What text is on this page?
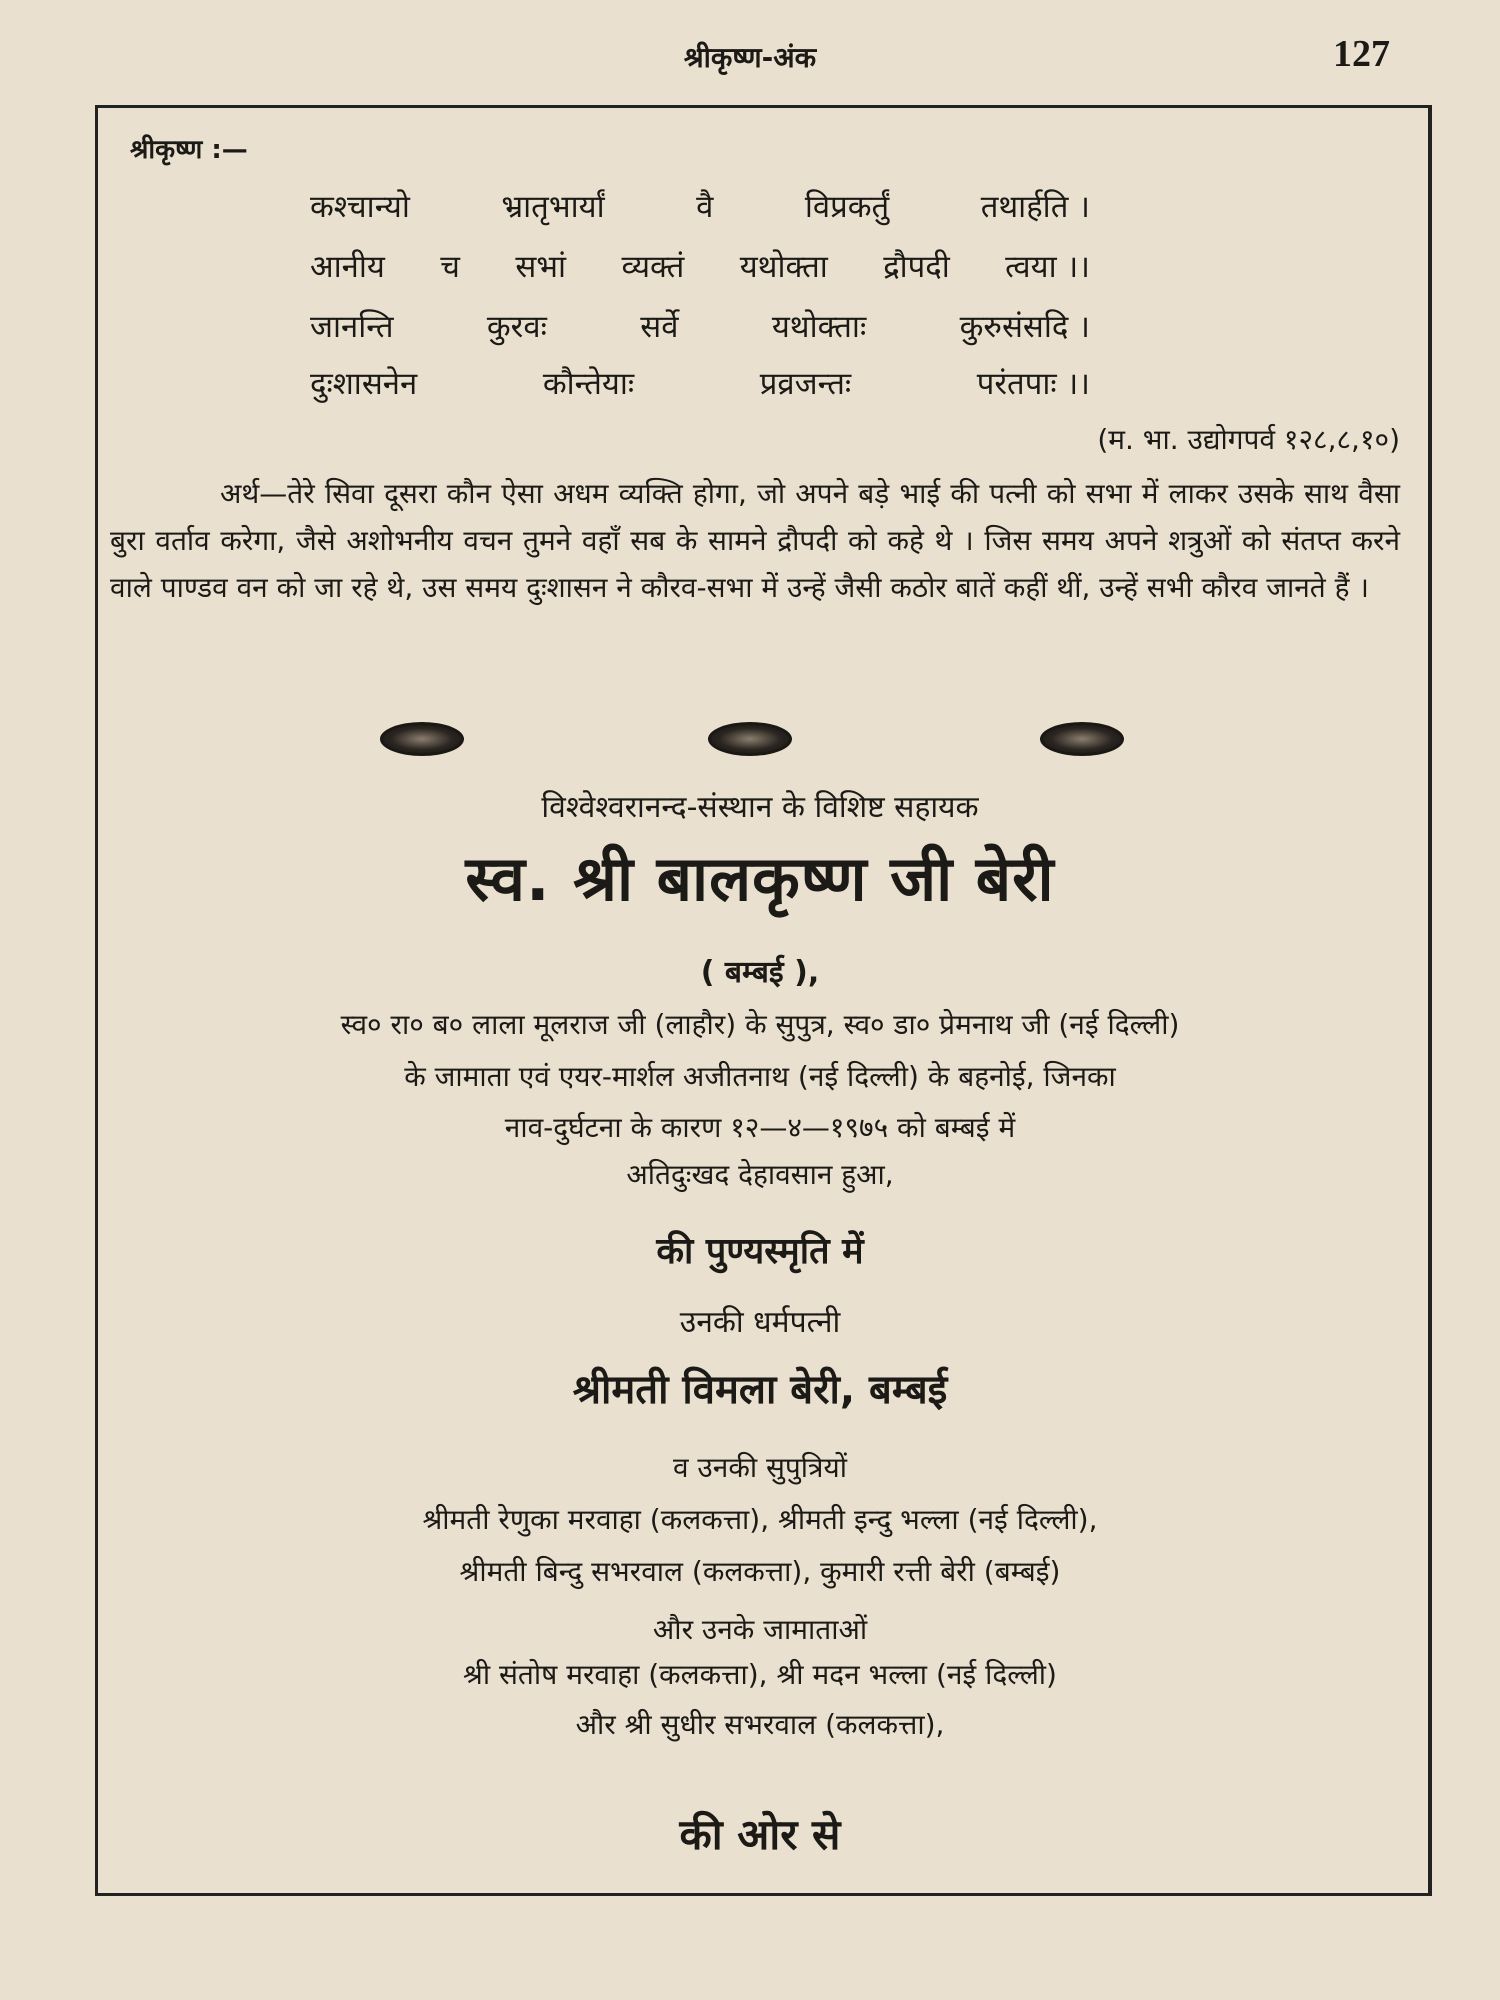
श्रीकृष्ण-अंक	127
श्रीकृष्ण :—
कश्चान्यो	भ्रातृभार्यां	वै	विप्रकर्तुं	तथार्हति ।
आनीय च सभां व्यक्तं यथोक्ता द्रौपदी त्वया ।।
जानन्ति	कुरवः	सर्वे	यथोक्ताः	कुरुसंसदि ।
दुःशासनेन	कौन्तेयाः	प्रव्रजन्तः	परंतपाः ।।
(म. भा. उद्योगपर्व १२८,८,१०)

अर्थ—तेरे सिवा दूसरा कौन ऐसा अधम व्यक्ति होगा, जो अपने बड़े भाई की पत्नी को सभा में लाकर उसके साथ वैसा बुरा वर्ताव करेगा, जैसे अशोभनीय वचन तुमने वहाँ सब के सामने द्रौपदी को कहे थे । जिस समय अपने शत्रुओं को संतप्त करने वाले पाण्डव वन को जा रहे थे, उस समय दुःशासन ने कौरव-सभा में उन्हें जैसी कठोर बातें कहीं थीं, उन्हें सभी कौरव जानते हैं ।

विश्वेश्वरानन्द-संस्थान के विशिष्ट सहायक
स्व. श्री बालकृष्ण जी बेरी
( बम्बई ),
स्व० रा० ब० लाला मूलराज जी (लाहौर) के सुपुत्र, स्व० डा० प्रेमनाथ जी (नई दिल्ली)
के जामाता एवं एयर-मार्शल अजीतनाथ (नई दिल्ली) के बहनोई, जिनका
नाव-दुर्घटना के कारण १२—४—१९७५ को बम्बई में
अतिदुःखद देहावसान हुआ,
की पुण्यस्मृति में
उनकी धर्मपत्नी
श्रीमती विमला बेरी, बम्बई
व उनकी सुपुत्रियों
श्रीमती रेणुका मरवाहा (कलकत्ता), श्रीमती इन्दु भल्ला (नई दिल्ली),
श्रीमती बिन्दु सभरवाल (कलकत्ता), कुमारी रत्ती बेरी (बम्बई)
और उनके जामाताओं
श्री संतोष मरवाहा (कलकत्ता), श्री मदन भल्ला (नई दिल्ली)
और श्री सुधीर सभरवाल (कलकत्ता),
की ओर से
